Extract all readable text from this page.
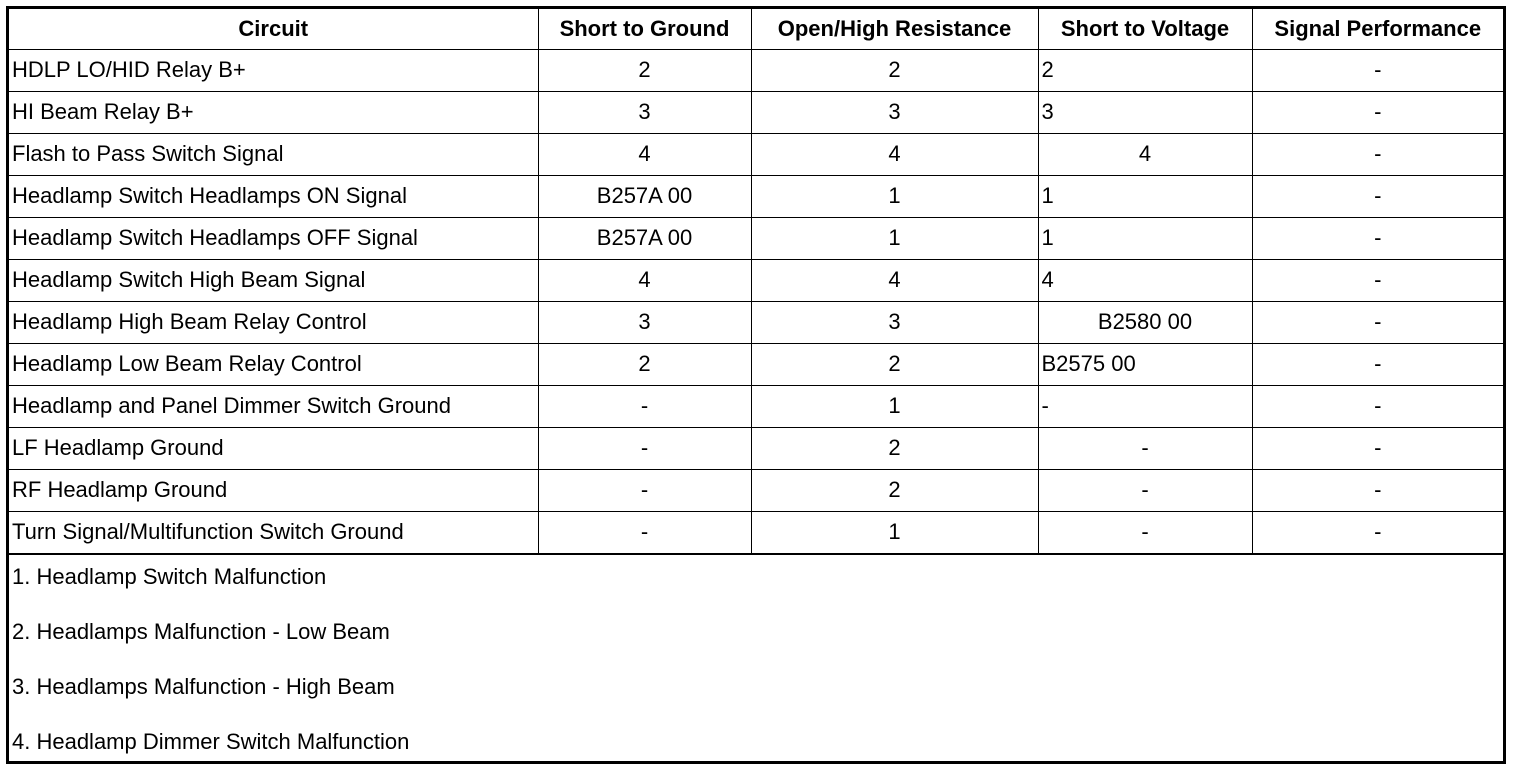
Circuit	Short to Ground	Open/High Resistance	Short to Voltage	Signal Performance
HDLP LO/HID Relay B+	2	2	2	-
HI Beam Relay B+	3	3	3	-
Flash to Pass Switch Signal	4	4	4	-
Headlamp Switch Headlamps ON Signal	B257A 00	1	1	-
Headlamp Switch Headlamps OFF Signal	B257A 00	1	1	-
Headlamp Switch High Beam Signal	4	4	4	-
Headlamp High Beam Relay Control	3	3	B2580 00	-
Headlamp Low Beam Relay Control	2	2	B2575 00	-
Headlamp and Panel Dimmer Switch Ground	-	1	-	-
LF Headlamp Ground	-	2	-	-
RF Headlamp Ground	-	2	-	-
Turn Signal/Multifunction Switch Ground	-	1	-	-
1. Headlamp Switch Malfunction
2. Headlamps Malfunction - Low Beam
3. Headlamps Malfunction - High Beam
4. Headlamp Dimmer Switch Malfunction
